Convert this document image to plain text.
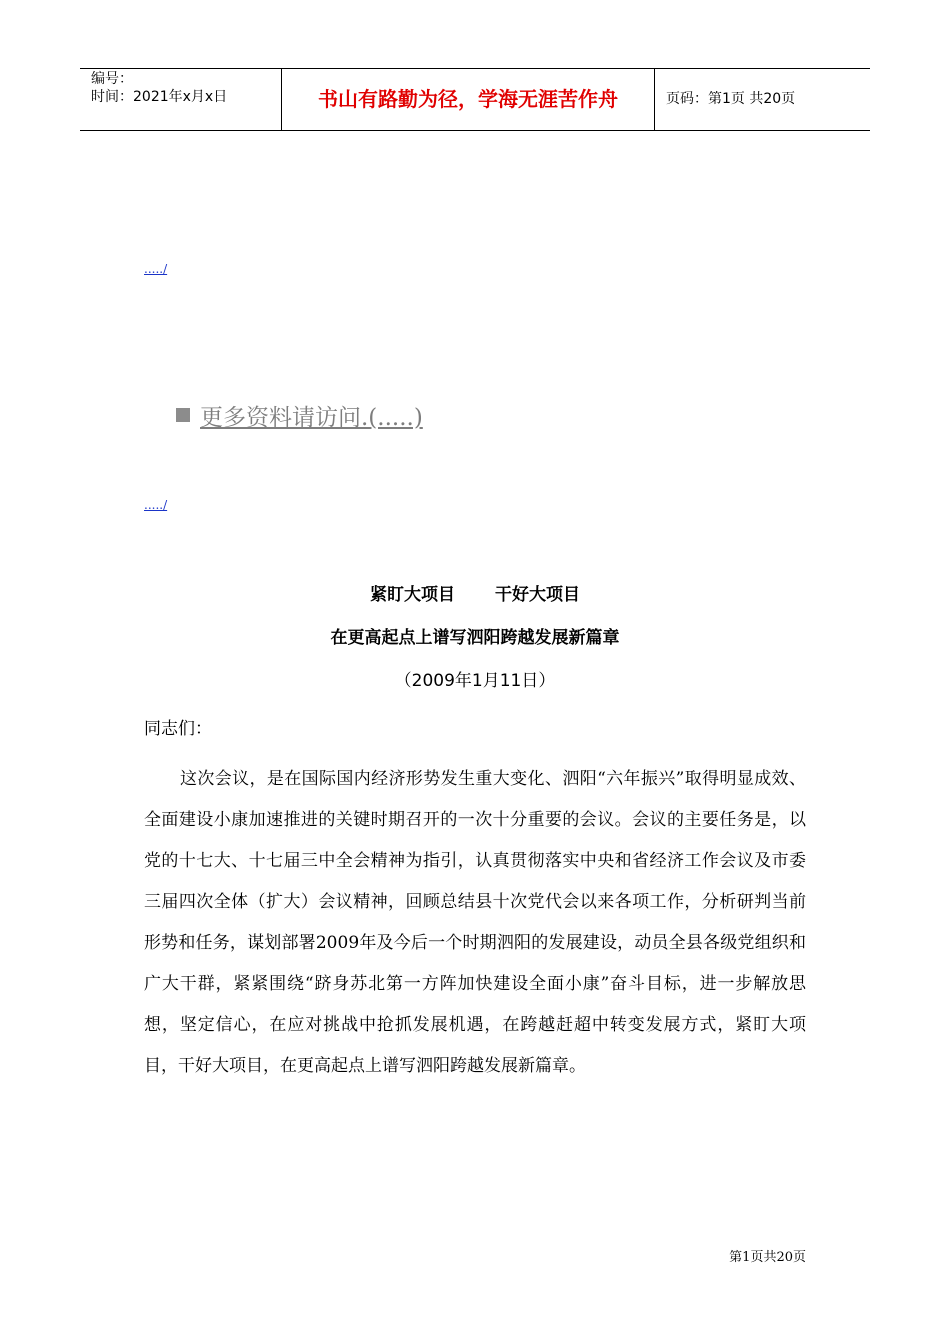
编号：
时间：2021年x月x日	书山有路勤为径，学海无涯苦作舟	页码：第1页 共20页
...../
更多资料请访问.(.....)
...../
紧盯大项目 干好大项目
在更高起点上谱写泗阳跨越发展新篇章
（2009年1月11日）
同志们：

这次会议，是在国际国内经济形势发生重大变化、泗阳“六年振兴”取得明显成效、全面建设小康加速推进的关键时期召开的一次十分重要的会议。会议的主要任务是，以党的十七大、十七届三中全会精神为指引，认真贯彻落实中央和省经济工作会议及市委三届四次全体（扩大）会议精神，回顾总结县十次党代会以来各项工作，分析研判当前形势和任务，谋划部署2009年及今后一个时期泗阳的发展建设，动员全县各级党组织和广大干群，紧紧围绕“跻身苏北第一方阵加快建设全面小康”奋斗目标，进一步解放思想，坚定信心，在应对挑战中抢抓发展机遇，在跨越赶超中转变发展方式，紧盯大项目，干好大项目，在更高起点上谱写泗阳跨越发展新篇章。

第1页共20页
